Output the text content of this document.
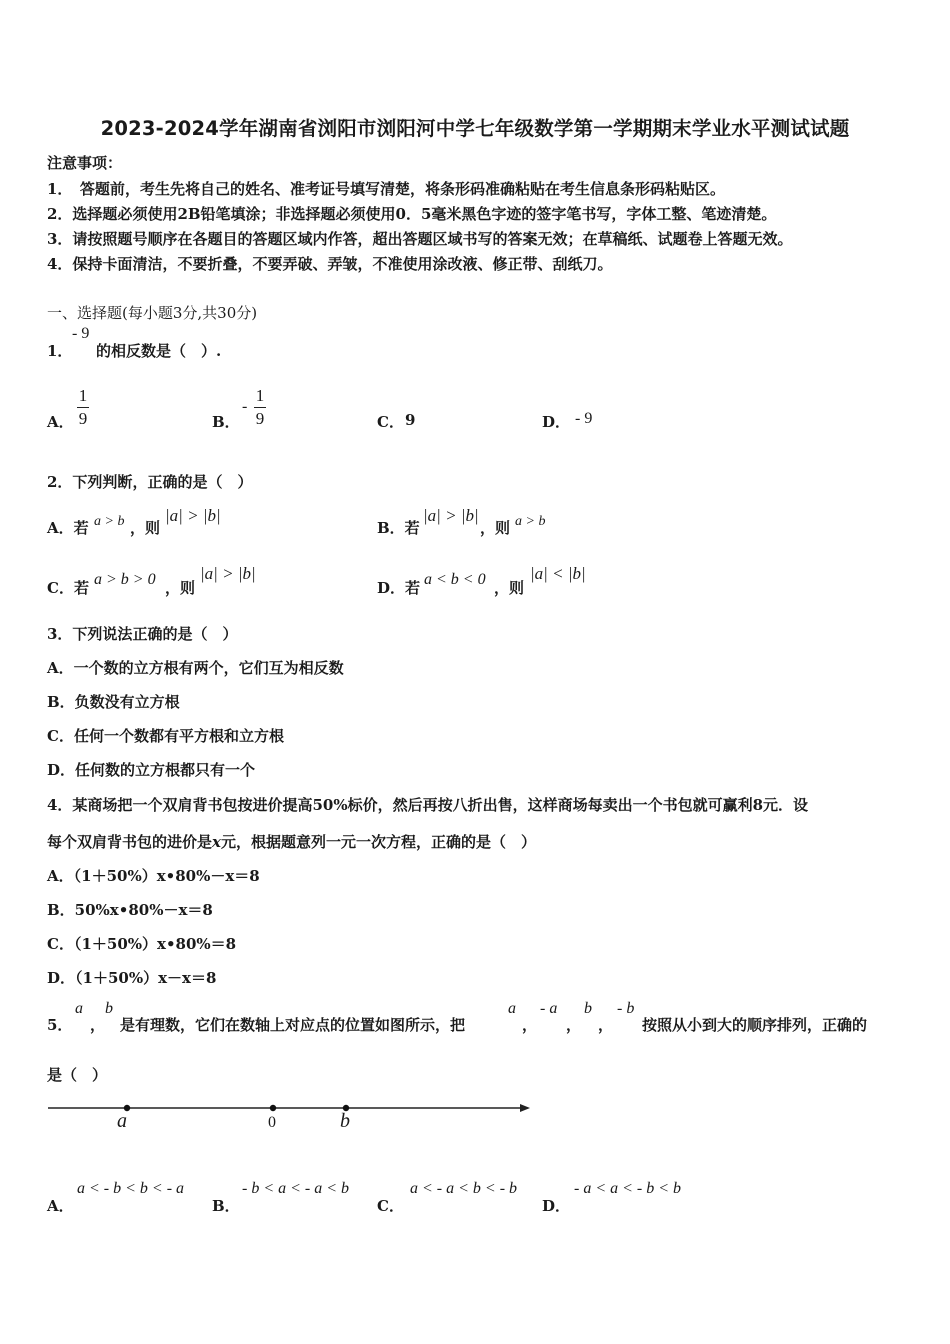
2023-2024学年湖南省浏阳市浏阳河中学七年级数学第一学期期末学业水平测试试题
注意事项：
1．　答题前，考生先将自己的姓名、准考证号填写清楚，将条形码准确粘贴在考生信息条形码粘贴区。
2．选择题必须使用2B铅笔填涂；非选择题必须使用0．5毫米黑色字迹的签字笔书写，字体工整、笔迹清楚。
3．请按照题号顺序在各题目的答题区域内作答，超出答题区域书写的答案无效；在草稿纸、试题卷上答题无效。
4．保持卡面清洁，不要折叠，不要弄破、弄皱，不准使用涂改液、修正带、刮纸刀。
一、选择题(每小题3分,共30分)
1．
- 9
的相反数是（　）.
A．
1
9	B．
-
1
9	C． 9	D． - 9
2．下列判断，正确的是（　）
A．若 a > b ，则
|a| > |b|
B．若
|a| > |b|
，则 a > b
C．若 a > b > 0 ，则
|a| > |b|
D．若 a < b < 0 ，则
|a| < |b|
3．下列说法正确的是（　）
A．一个数的立方根有两个，它们互为相反数
B．负数没有立方根
C．任何一个数都有平方根和立方根
D．任何数的立方根都只有一个
4．某商场把一个双肩背书包按进价提高50%标价，然后再按八折出售，这样商场每卖出一个书包就可赢利8元．设
每个双肩背书包的进价是x元，根据题意列一元一次方程，正确的是（　）
A．（1＋50%）x•80%－x＝8
B．50%x•80%－x＝8
C．（1＋50%）x•80%＝8
D．（1＋50%）x－x＝8
5．
a
，
b
是有理数，它们在数轴上对应点的位置如图所示，把
a
，
- a
，
b
，
- b
按照从小到大的顺序排列，正确的
是（　）
a	0	b
A．
a < - b < b < - a
B．
- b < a < - a < b
C．
a < - a < b < - b
D．
- a < a < - b < b
